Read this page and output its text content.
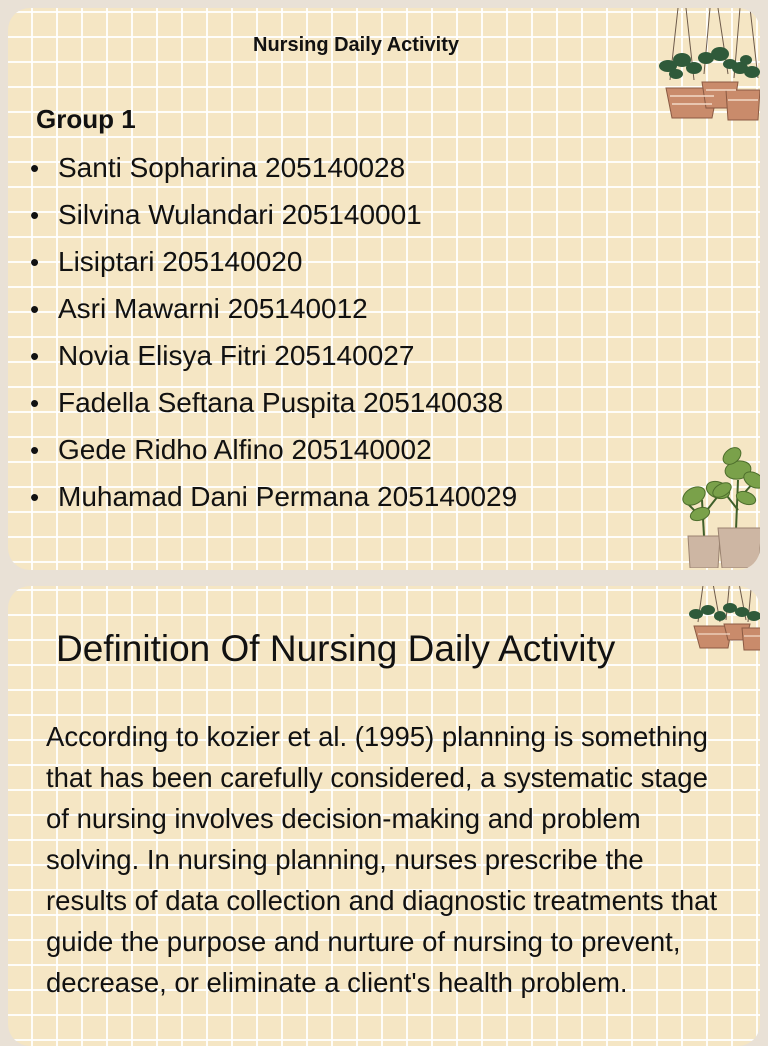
Nursing Daily Activity
Group 1
• Santi Sopharina 205140028
• Silvina Wulandari 205140001
• Lisiptari 205140020
• Asri Mawarni 205140012
• Novia Elisya Fitri 205140027
• Fadella Seftana Puspita 205140038
• Gede Ridho Alfino 205140002
• Muhamad Dani Permana 205140029
Definition Of Nursing Daily Activity
According to kozier et al. (1995) planning is something that has been carefully considered, a systematic stage of nursing involves decision-making and problem solving. In nursing planning, nurses prescribe the results of data collection and diagnostic treatments that guide the purpose and nurture of nursing to prevent, decrease, or eliminate a client's health problem.
